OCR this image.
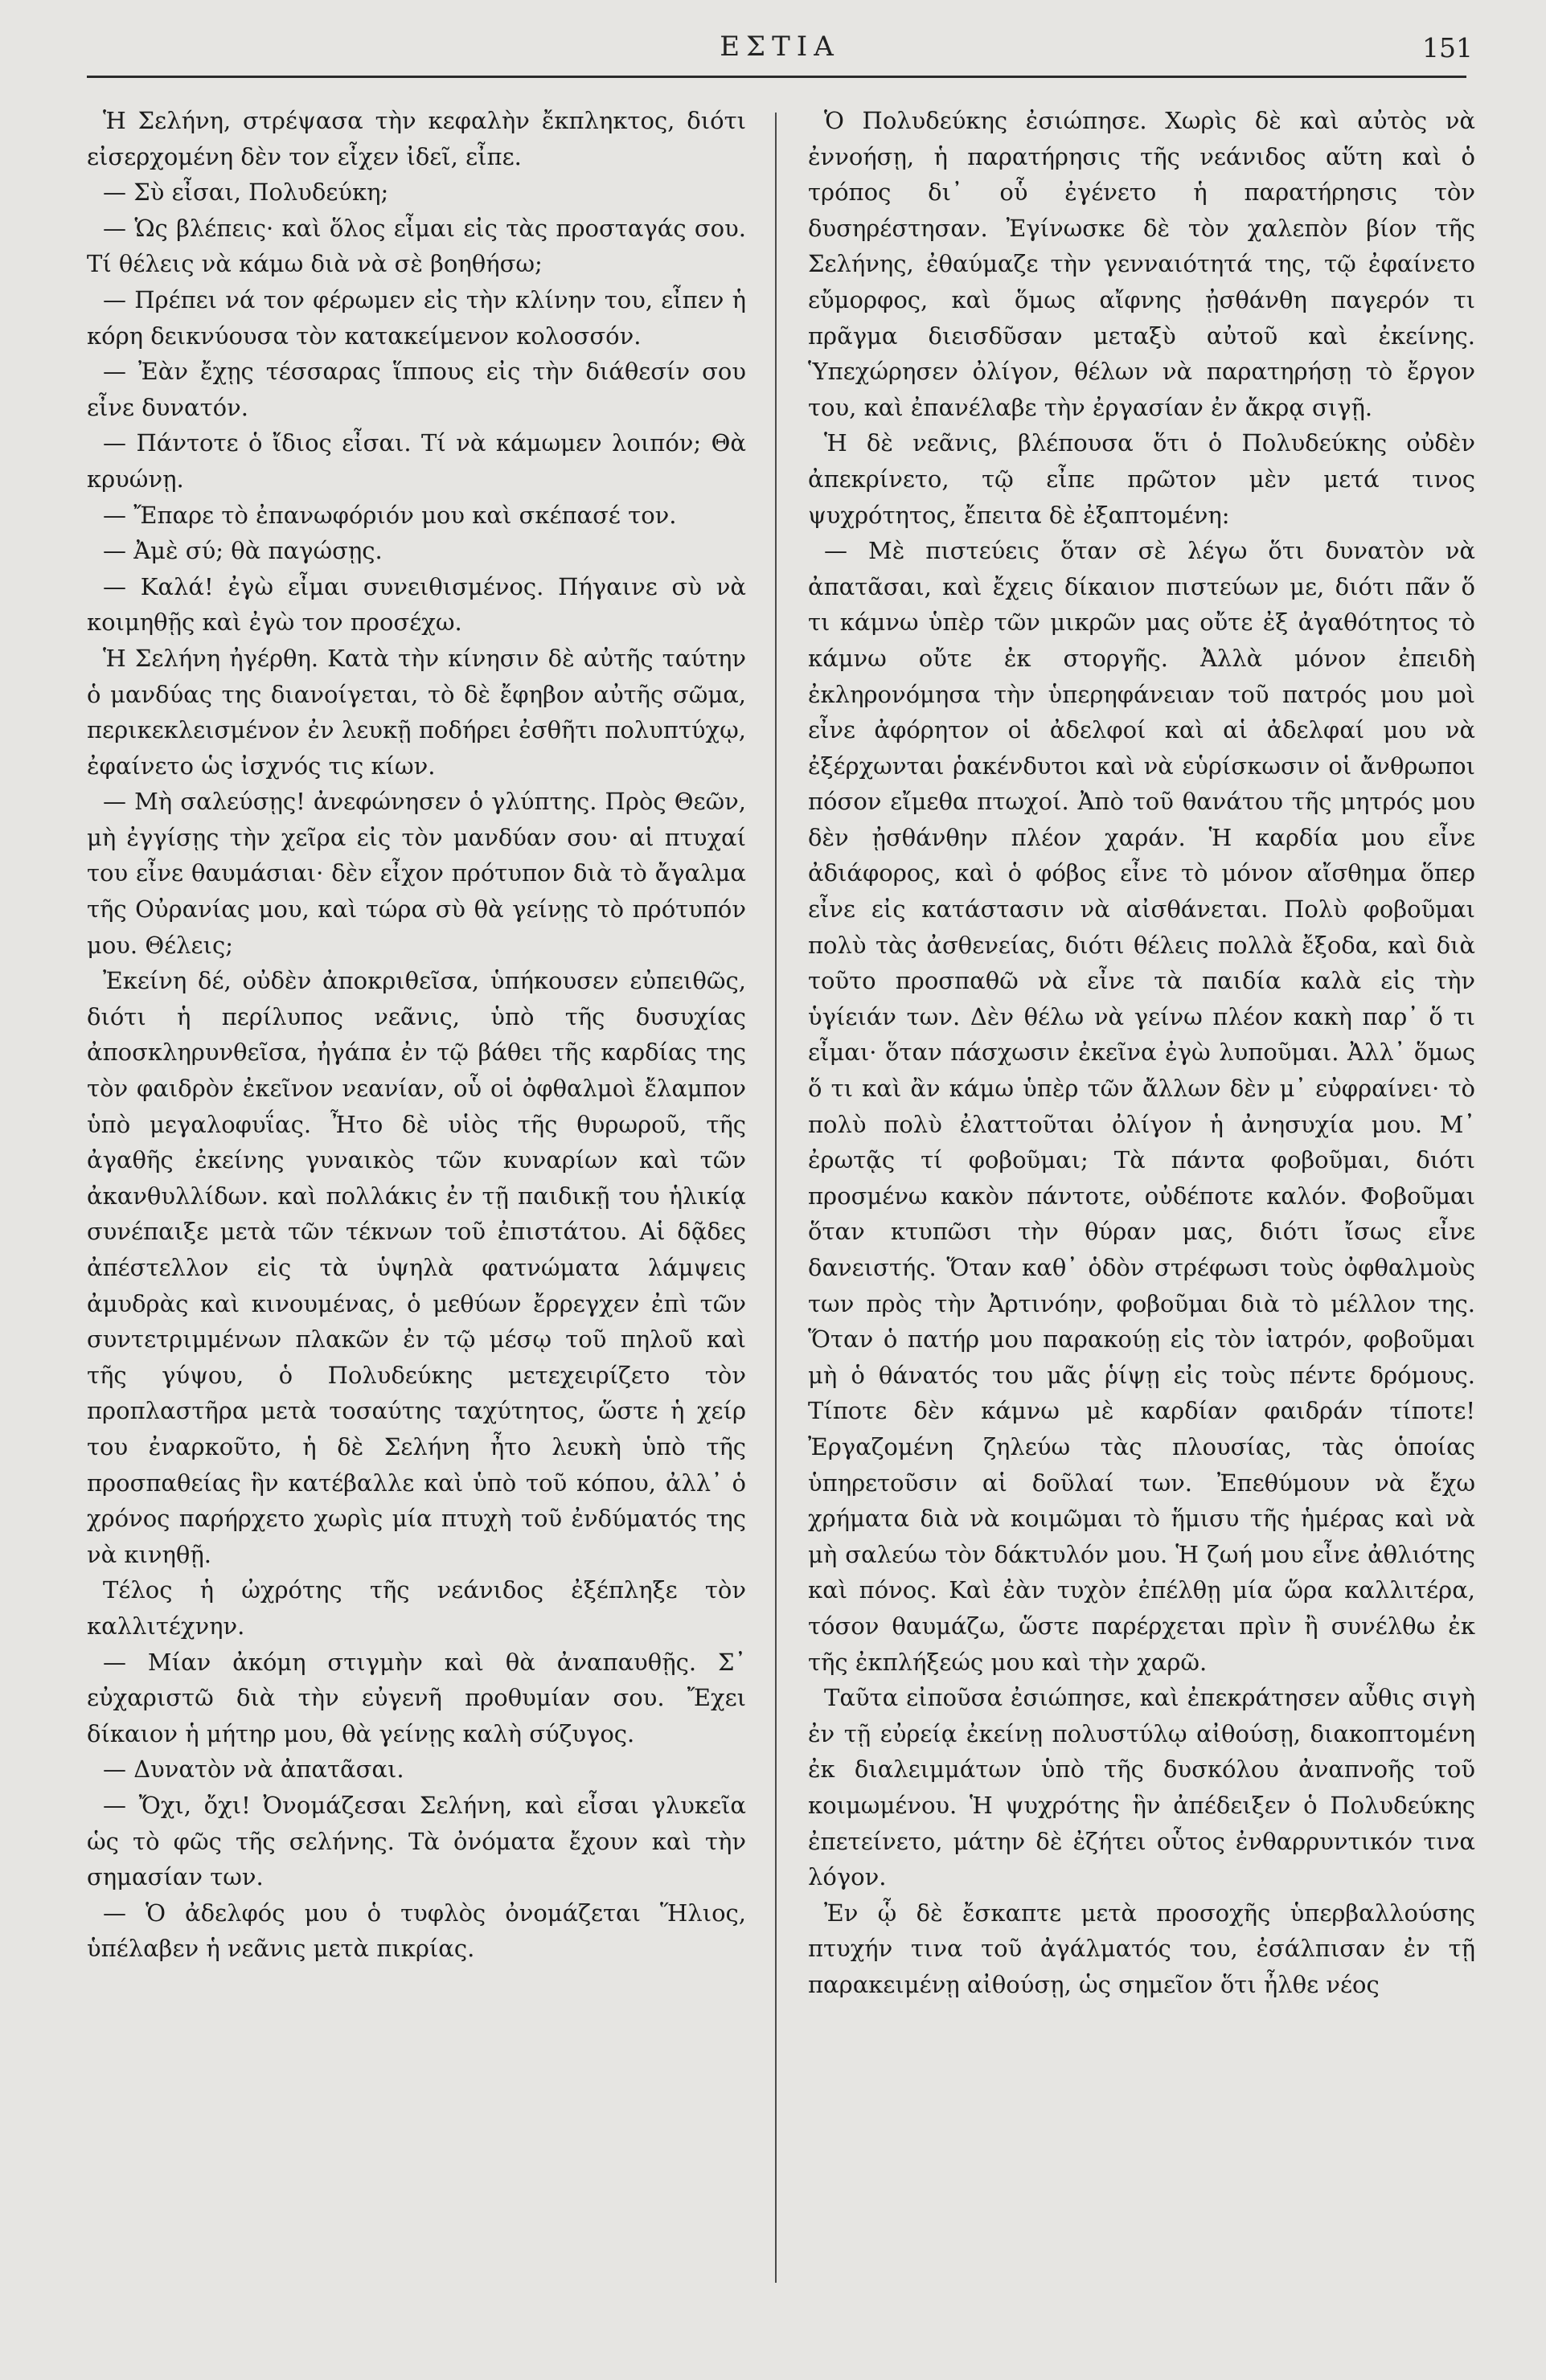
ΕΣΤΙΑ	151

Ἡ Σελήνη, στρέψασα τὴν κεφαλὴν ἔκπληκτος, διότι εἰσερχομένη δὲν τον εἶχεν ἰδεῖ, εἶπε.

— Σὺ εἶσαι, Πολυδεύκη;

— Ὡς βλέπεις· καὶ ὅλος εἶμαι εἰς τὰς προσταγάς σου. Τί θέλεις νὰ κάμω διὰ νὰ σὲ βοηθήσω;

— Πρέπει νά τον φέρωμεν εἰς τὴν κλίνην του, εἶπεν ἡ κόρη δεικνύουσα τὸν κατακείμενον κολοσσόν.

— Ἐὰν ἔχῃς τέσσαρας ἵππους εἰς τὴν διάθεσίν σου εἶνε δυνατόν.

— Πάντοτε ὁ ἴδιος εἶσαι. Τί νὰ κάμωμεν λοιπόν; Θὰ κρυώνῃ.

— Ἔπαρε τὸ ἐπανωφόριόν μου καὶ σκέπασέ τον.

— Ἀμὲ σύ; θὰ παγώσῃς.

— Καλά! ἐγὼ εἶμαι συνειθισμένος. Πήγαινε σὺ νὰ κοιμηθῇς καὶ ἐγὼ τον προσέχω.

Ἡ Σελήνη ἠγέρθη. Κατὰ τὴν κίνησιν δὲ αὐτῆς ταύτην ὁ μανδύας της διανοίγεται, τὸ δὲ ἔφηβον αὐτῆς σῶμα, περικεκλεισμένον ἐν λευκῇ ποδήρει ἐσθῆτι πολυπτύχῳ, ἐφαίνετο ὡς ἰσχνός τις κίων.

— Μὴ σαλεύσῃς! ἀνεφώνησεν ὁ γλύπτης. Πρὸς Θεῶν, μὴ ἐγγίσῃς τὴν χεῖρα εἰς τὸν μανδύαν σου· αἱ πτυχαί του εἶνε θαυμάσιαι· δὲν εἶχον πρότυπον διὰ τὸ ἄγαλμα τῆς Οὐρανίας μου, καὶ τώρα σὺ θὰ γείνῃς τὸ πρότυπόν μου. Θέλεις;

Ἐκείνη δέ, οὐδὲν ἀποκριθεῖσα, ὑπήκουσεν εὐπειθῶς, διότι ἡ περίλυπος νεᾶνις, ὑπὸ τῆς δυσυχίας ἀποσκληρυνθεῖσα, ἠγάπα ἐν τῷ βάθει τῆς καρδίας της τὸν φαιδρὸν ἐκεῖνον νεανίαν, οὗ οἱ ὀφθαλμοὶ ἔλαμπον ὑπὸ μεγαλοφυΐας. Ἦτο δὲ υἱὸς τῆς θυρωροῦ, τῆς ἀγαθῆς ἐκείνης γυναικὸς τῶν κυναρίων καὶ τῶν ἀκανθυλλίδων. καὶ πολλάκις ἐν τῇ παιδικῇ του ἡλικίᾳ συνέπαιξε μετὰ τῶν τέκνων τοῦ ἐπιστάτου. Αἱ δᾷδες ἀπέστελλον εἰς τὰ ὑψηλὰ φατνώματα λάμψεις ἀμυδρὰς καὶ κινουμένας, ὁ μεθύων ἔρρεγχεν ἐπὶ τῶν συντετριμμένων πλακῶν ἐν τῷ μέσῳ τοῦ πηλοῦ καὶ τῆς γύψου, ὁ Πολυδεύκης μετεχειρίζετο τὸν προπλαστῆρα μετὰ τοσαύτης ταχύτητος, ὥστε ἡ χείρ του ἐναρκοῦτο, ἡ δὲ Σελήνη ἦτο λευκὴ ὑπὸ τῆς προσπαθείας ἣν κατέβαλλε καὶ ὑπὸ τοῦ κόπου, ἀλλ᾽ ὁ χρόνος παρήρχετο χωρὶς μία πτυχὴ τοῦ ἐνδύματός της νὰ κινηθῇ.

Τέλος ἡ ὠχρότης τῆς νεάνιδος ἐξέπληξε τὸν καλλιτέχνην.

— Μίαν ἀκόμη στιγμὴν καὶ θὰ ἀναπαυθῇς. Σ᾽ εὐχαριστῶ διὰ τὴν εὐγενῆ προθυμίαν σου. Ἔχει δίκαιον ἡ μήτηρ μου, θὰ γείνῃς καλὴ σύζυγος.

— Δυνατὸν νὰ ἀπατᾶσαι.

— Ὄχι, ὄχι! Ὀνομάζεσαι Σελήνη, καὶ εἶσαι γλυκεῖα ὡς τὸ φῶς τῆς σελήνης. Τὰ ὀνόματα ἔχουν καὶ τὴν σημασίαν των.

— Ὁ ἀδελφός μου ὁ τυφλὸς ὀνομάζεται Ἥλιος, ὑπέλαβεν ἡ νεᾶνις μετὰ πικρίας.

Ὁ Πολυδεύκης ἐσιώπησε. Χωρὶς δὲ καὶ αὐτὸς νὰ ἐννοήσῃ, ἡ παρατήρησις τῆς νεάνιδος αὕτη καὶ ὁ τρόπος δι᾽ οὗ ἐγένετο ἡ παρατήρησις τὸν δυσηρέστησαν. Ἐγίνωσκε δὲ τὸν χαλεπὸν βίον τῆς Σελήνης, ἐθαύμαζε τὴν γενναιότητά της, τῷ ἐφαίνετο εὔμορφος, καὶ ὅμως αἴφνης ᾐσθάνθη παγερόν τι πρᾶγμα διεισδῦσαν μεταξὺ αὐτοῦ καὶ ἐκείνης. Ὑπεχώρησεν ὀλίγον, θέλων νὰ παρατηρήσῃ τὸ ἔργον του, καὶ ἐπανέλαβε τὴν ἐργασίαν ἐν ἄκρᾳ σιγῇ.

Ἡ δὲ νεᾶνις, βλέπουσα ὅτι ὁ Πολυδεύκης οὐδὲν ἀπεκρίνετο, τῷ εἶπε πρῶτον μὲν μετά τινος ψυχρότητος, ἔπειτα δὲ ἐξαπτομένη:

— Μὲ πιστεύεις ὅταν σὲ λέγω ὅτι δυνατὸν νὰ ἀπατᾶσαι, καὶ ἔχεις δίκαιον πιστεύων με, διότι πᾶν ὅ τι κάμνω ὑπὲρ τῶν μικρῶν μας οὔτε ἐξ ἀγαθότητος τὸ κάμνω οὔτε ἐκ στοργῆς. Ἀλλὰ μόνον ἐπειδὴ ἐκληρονόμησα τὴν ὑπερηφάνειαν τοῦ πατρός μου μοὶ εἶνε ἀφόρητον οἱ ἀδελφοί καὶ αἱ ἀδελφαί μου νὰ ἐξέρχωνται ῥακένδυτοι καὶ νὰ εὑρίσκωσιν οἱ ἄνθρωποι πόσον εἴμεθα πτωχοί. Ἀπὸ τοῦ θανάτου τῆς μητρός μου δὲν ᾐσθάνθην πλέον χαράν. Ἡ καρδία μου εἶνε ἀδιάφορος, καὶ ὁ φόβος εἶνε τὸ μόνον αἴσθημα ὅπερ εἶνε εἰς κατάστασιν νὰ αἰσθάνεται. Πολὺ φοβοῦμαι πολὺ τὰς ἀσθενείας, διότι θέλεις πολλὰ ἔξοδα, καὶ διὰ τοῦτο προσπαθῶ νὰ εἶνε τὰ παιδία καλὰ εἰς τὴν ὑγίειάν των. Δὲν θέλω νὰ γείνω πλέον κακὴ παρ᾽ ὅ τι εἶμαι· ὅταν πάσχωσιν ἐκεῖνα ἐγὼ λυποῦμαι. Ἀλλ᾽ ὅμως ὅ τι καὶ ἂν κάμω ὑπὲρ τῶν ἄλλων δὲν μ᾽ εὐφραίνει· τὸ πολὺ πολὺ ἐλαττοῦται ὀλίγον ἡ ἀνησυχία μου. Μ᾽ ἐρωτᾷς τί φοβοῦμαι; Τὰ πάντα φοβοῦμαι, διότι προσμένω κακὸν πάντοτε, οὐδέποτε καλόν. Φοβοῦμαι ὅταν κτυπῶσι τὴν θύραν μας, διότι ἴσως εἶνε δανειστής. Ὅταν καθ᾽ ὁδὸν στρέφωσι τοὺς ὀφθαλμοὺς των πρὸς τὴν Ἀρτινόην, φοβοῦμαι διὰ τὸ μέλλον της. Ὅταν ὁ πατήρ μου παρακούῃ εἰς τὸν ἰατρόν, φοβοῦμαι μὴ ὁ θάνατός του μᾶς ῥίψῃ εἰς τοὺς πέντε δρόμους. Τίποτε δὲν κάμνω μὲ καρδίαν φαιδράν τίποτε! Ἐργαζομένη ζηλεύω τὰς πλουσίας, τὰς ὁποίας ὑπηρετοῦσιν αἱ δοῦλαί των. Ἐπεθύμουν νὰ ἔχω χρήματα διὰ νὰ κοιμῶμαι τὸ ἥμισυ τῆς ἡμέρας καὶ νὰ μὴ σαλεύω τὸν δάκτυλόν μου. Ἡ ζωή μου εἶνε ἀθλιότης καὶ πόνος. Καὶ ἐὰν τυχὸν ἐπέλθῃ μία ὥρα καλλιτέρα, τόσον θαυμάζω, ὥστε παρέρχεται πρὶν ἢ συνέλθω ἐκ τῆς ἐκπλήξεώς μου καὶ τὴν χαρῶ.

Ταῦτα εἰποῦσα ἐσιώπησε, καὶ ἐπεκράτησεν αὖθις σιγὴ ἐν τῇ εὐρείᾳ ἐκείνῃ πολυστύλῳ αἰθούσῃ, διακοπτομένη ἐκ διαλειμμάτων ὑπὸ τῆς δυσκόλου ἀναπνοῆς τοῦ κοιμωμένου. Ἡ ψυχρότης ἣν ἀπέδειξεν ὁ Πολυδεύκης ἐπετείνετο, μάτην δὲ ἐζήτει οὗτος ἐνθαρρυντικόν τινα λόγον.

Ἐν ᾧ δὲ ἔσκαπτε μετὰ προσοχῆς ὑπερβαλλούσης πτυχήν τινα τοῦ ἀγάλματός του, ἐσάλπισαν ἐν τῇ παρακειμένῃ αἰθούσῃ, ὡς σημεῖον ὅτι ἦλθε νέος
